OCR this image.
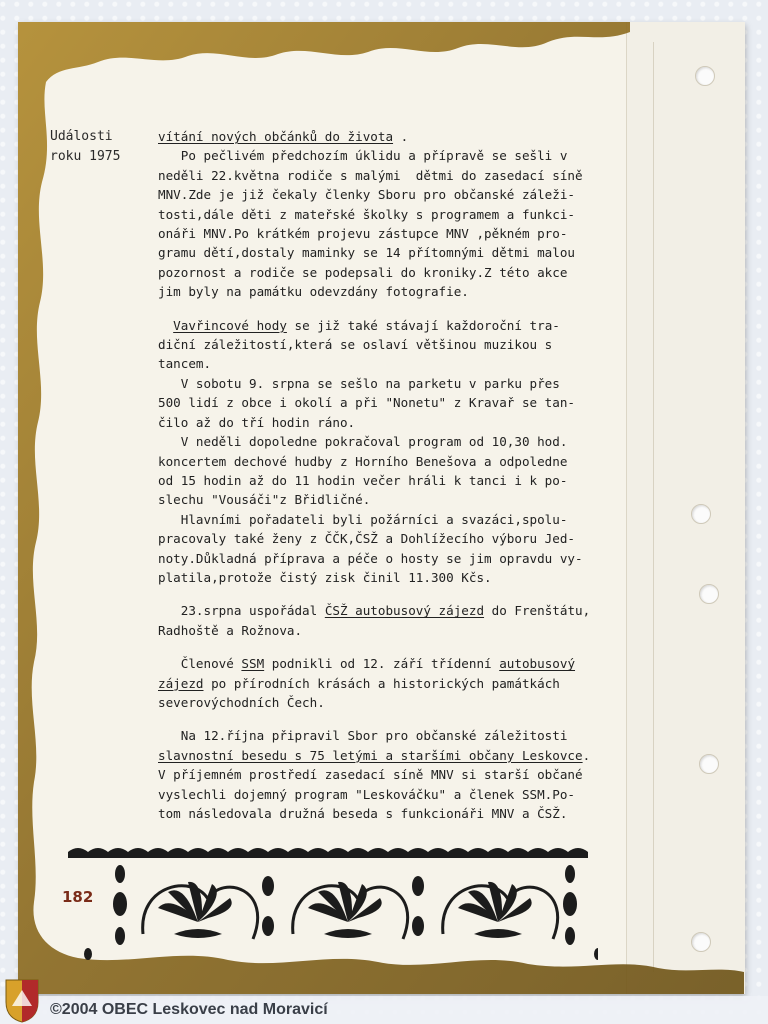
Události
roku 1975
vítání nových občánků do života .
Po pečlivém předchozím úklidu a přípravě se sešli v
neděli 22.května rodiče s malými  dětmi do zasedací síně
MNV.Zde je již čekaly členky Sboru pro občanské záleži-
tosti,dále děti z mateřské školky s programem a funkci-
onáři MNV.Po krátkém projevu zástupce MNV ,pěkném pro-
gramu dětí,dostaly maminky se 14 přítomnými dětmi malou
pozornost a rodiče se podepsali do kroniky.Z této akce
jim byly na památku odevzdány fotografie.
Vavřincové hody se již také stávají každoroční tra-
diční záležitostí,která se oslaví většinou muzikou s
tancem.
V sobotu 9. srpna se sešlo na parketu v parku přes
500 lidí z obce i okolí a při "Nonetu" z Kravař se tan-
čilo až do tří hodin ráno.
V neděli dopoledne pokračoval program od 10,30 hod.
koncertem dechové hudby z Horního Benešova a odpoledne
od 15 hodin až do 11 hodin večer hráli k tanci i k po-
slechu "Vousáči"z Břidličné.
Hlavními pořadateli byli požárníci a svazáci,spolu-
pracovaly také ženy z ČČK,ČSŽ a Dohlížecího výboru Jed-
noty.Důkladná příprava a péče o hosty se jim opravdu vy-
platila,protože čistý zisk činil 11.300 Kčs.
23.srpna uspořádal ČSŽ autobusový zájezd do Frenštátu,
Radhoště a Rožnova.
Členové SSM podnikli od 12. září třídenní autobusový
zájezd po přírodních krásách a historických památkách
severovýchodních Čech.
Na 12.října připravil Sbor pro občanské záležitosti
slavnostní besedu s 75 letými a staršími občany Leskovce.
V příjemném prostředí zasedací síně MNV si starší občané
vyslechli dojemný program "Leskováčku" a členek SSM.Po-
tom následovala družná beseda s funkcionáři MNV a ČSŽ.
182
©2004 OBEC Leskovec nad Moravicí
